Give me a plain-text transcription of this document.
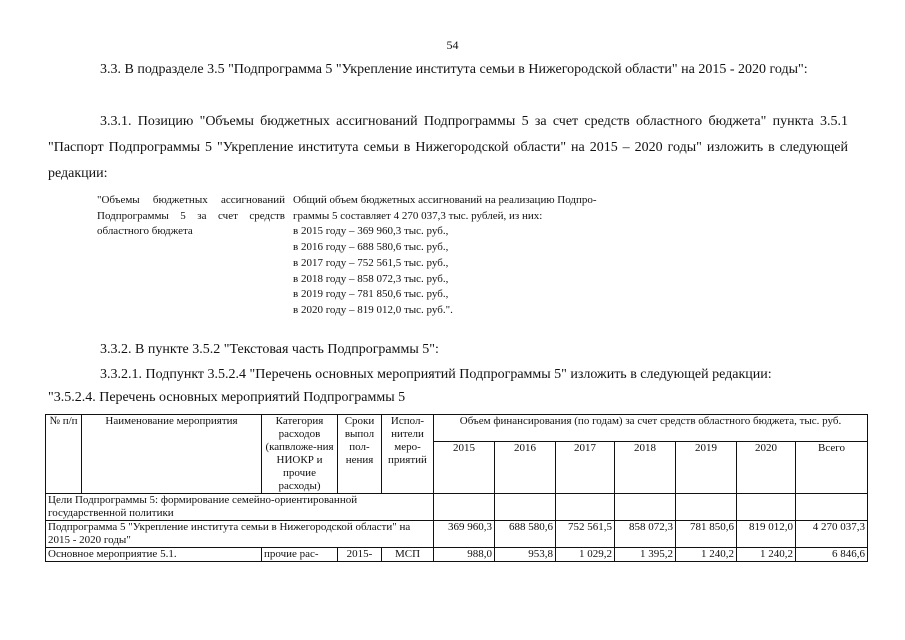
54

3.3. В подразделе 3.5 "Подпрограмма 5 "Укрепление института семьи в Нижегородской области" на 2015 - 2020 годы":

3.3.1. Позицию "Объемы бюджетных ассигнований Подпрограммы 5 за счет средств областного бюджета" пункта 3.5.1 "Паспорт Подпрограммы 5 "Укрепление института семьи в Нижегородской области" на 2015 – 2020 годы" изложить в следующей редакции:

"Объемы бюджетных ассигнований Подпрограммы 5 за счет средств областного бюджета
Общий объем бюджетных ассигнований на реализацию Подпро-
граммы 5 составляет 4 270 037,3 тыс. рублей, из них:
в 2015 году – 369 960,3 тыс. руб.,
в 2016 году – 688 580,6 тыс. руб.,
в 2017 году – 752 561,5 тыс. руб.,
в 2018 году – 858 072,3 тыс. руб.,
в 2019 году – 781 850,6 тыс. руб.,
в 2020 году – 819 012,0 тыс. руб.".

3.3.2. В пункте 3.5.2 "Текстовая часть Подпрограммы 5":

3.3.2.1. Подпункт 3.5.2.4 "Перечень основных мероприятий Подпрограммы 5" изложить в следующей редакции:

"3.5.2.4. Перечень основных мероприятий Подпрограммы 5

№ п/п	Наименование мероприятия	Категория расходов (капвложе-ния НИОКР и прочие расходы)	Сроки выпол пол-нения	Испол-нители меро-приятий	Объем финансирования (по годам) за счет средств областного бюджета, тыс. руб.						
					2015	2016	2017	2018	2019	2020	Всего
Цели Подпрограммы 5: формирование семейно-ориентированной государственной политики											
Подпрограмма 5 "Укрепление института семьи в Нижегородской области" на 2015 - 2020 годы"					369 960,3	688 580,6	752 561,5	858 072,3	781 850,6	819 012,0	4 270 037,3
Основное мероприятие 5.1.		прочие рас-	2015-	МСП	988,0	953,8	1 029,2	1 395,2	1 240,2	1 240,2	6 846,6
